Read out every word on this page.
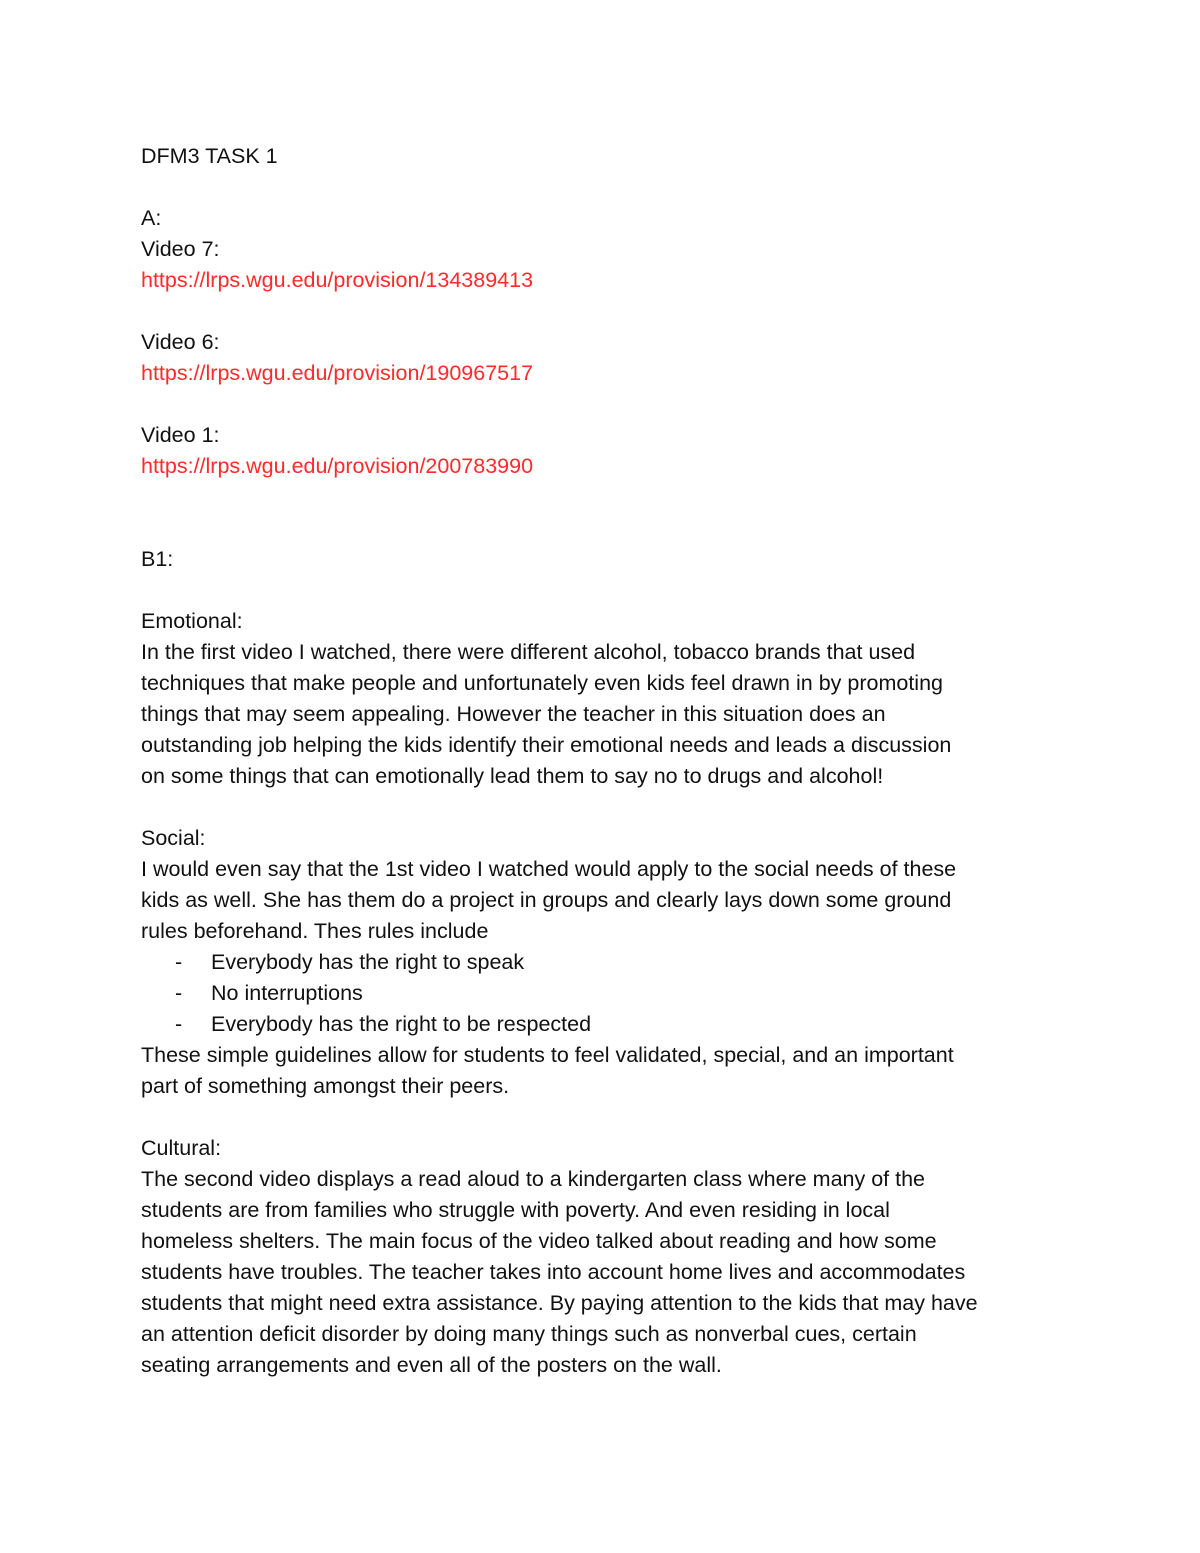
DFM3 TASK 1

A:

Video 7:

https://lrps.wgu.edu/provision/134389413

Video 6:

https://lrps.wgu.edu/provision/190967517

Video 1:

https://lrps.wgu.edu/provision/200783990

B1:

Emotional:

In the first video I watched, there were different alcohol, tobacco brands that used

techniques that make people and unfortunately even kids feel drawn in by promoting

things that may seem appealing. However the teacher in this situation does an

outstanding job helping the kids identify their emotional needs and leads a discussion

on some things that can emotionally lead them to say no to drugs and alcohol!

Social:

I would even say that the 1st video I watched would apply to the social needs of these

kids as well. She has them do a project in groups and clearly lays down some ground

rules beforehand. Thes rules include

- Everybody has the right to speak
- No interruptions
- Everybody has the right to be respected

These simple guidelines allow for students to feel validated, special, and an important

part of something amongst their peers.

Cultural:

The second video displays a read aloud to a kindergarten class where many of the

students are from families who struggle with poverty. And even residing in local

homeless shelters. The main focus of the video talked about reading and how some

students have troubles. The teacher takes into account home lives and accommodates

students that might need extra assistance. By paying attention to the kids that may have

an attention deficit disorder by doing many things such as nonverbal cues, certain

seating arrangements and even all of the posters on the wall.
